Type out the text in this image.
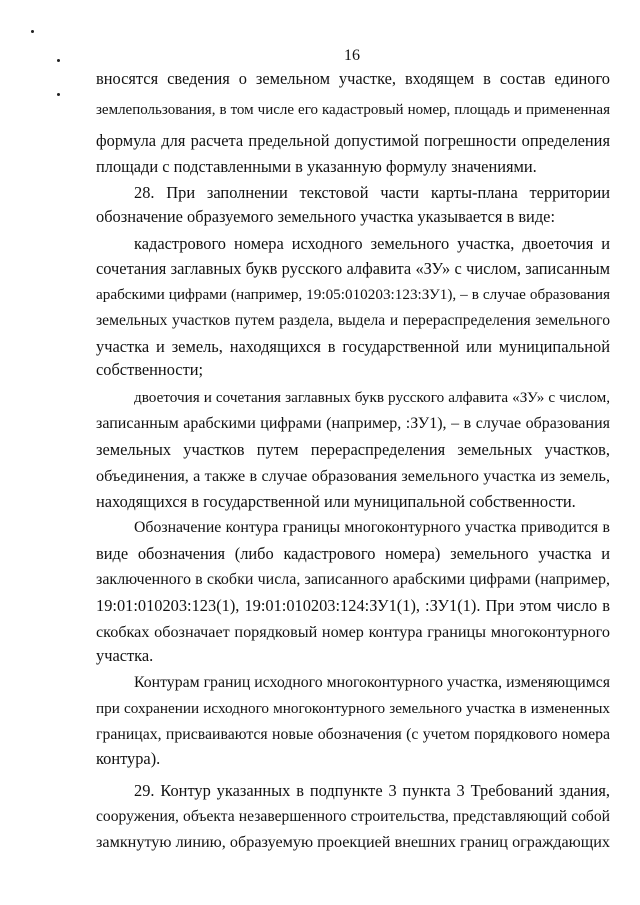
16
вносятся сведения о земельном участке, входящем в состав единого
землепользования, в том числе его кадастровый номер, площадь и примененная
формула для расчета предельной допустимой погрешности определения
площади с подставленными в указанную формулу значениями.
28. При заполнении текстовой части карты-плана территории
обозначение образуемого земельного участка указывается в виде:
кадастрового номера исходного земельного участка, двоеточия и
сочетания заглавных букв русского алфавита «ЗУ» с числом, записанным
арабскими цифрами (например, 19:05:010203:123:ЗУ1), – в случае образования
земельных участков путем раздела, выдела и перераспределения земельного
участка и земель, находящихся в государственной или муниципальной
собственности;
двоеточия и сочетания заглавных букв русского алфавита «ЗУ» с числом,
записанным арабскими цифрами (например, :ЗУ1), – в случае образования
земельных участков путем перераспределения земельных участков,
объединения, а также в случае образования земельного участка из земель,
находящихся в государственной или муниципальной собственности.
Обозначение контура границы многоконтурного участка приводится в
виде обозначения (либо кадастрового номера) земельного участка и
заключенного в скобки числа, записанного арабскими цифрами (например,
19:01:010203:123(1), 19:01:010203:124:ЗУ1(1), :ЗУ1(1). При этом число в
скобках обозначает порядковый номер контура границы многоконтурного
участка.
Контурам границ исходного многоконтурного участка, изменяющимся
при сохранении исходного многоконтурного земельного участка в измененных
границах, присваиваются новые обозначения (с учетом порядкового номера
контура).
29. Контур указанных в подпункте 3 пункта 3 Требований здания,
сооружения, объекта незавершенного строительства, представляющий собой
замкнутую линию, образуемую проекцией внешних границ ограждающих
